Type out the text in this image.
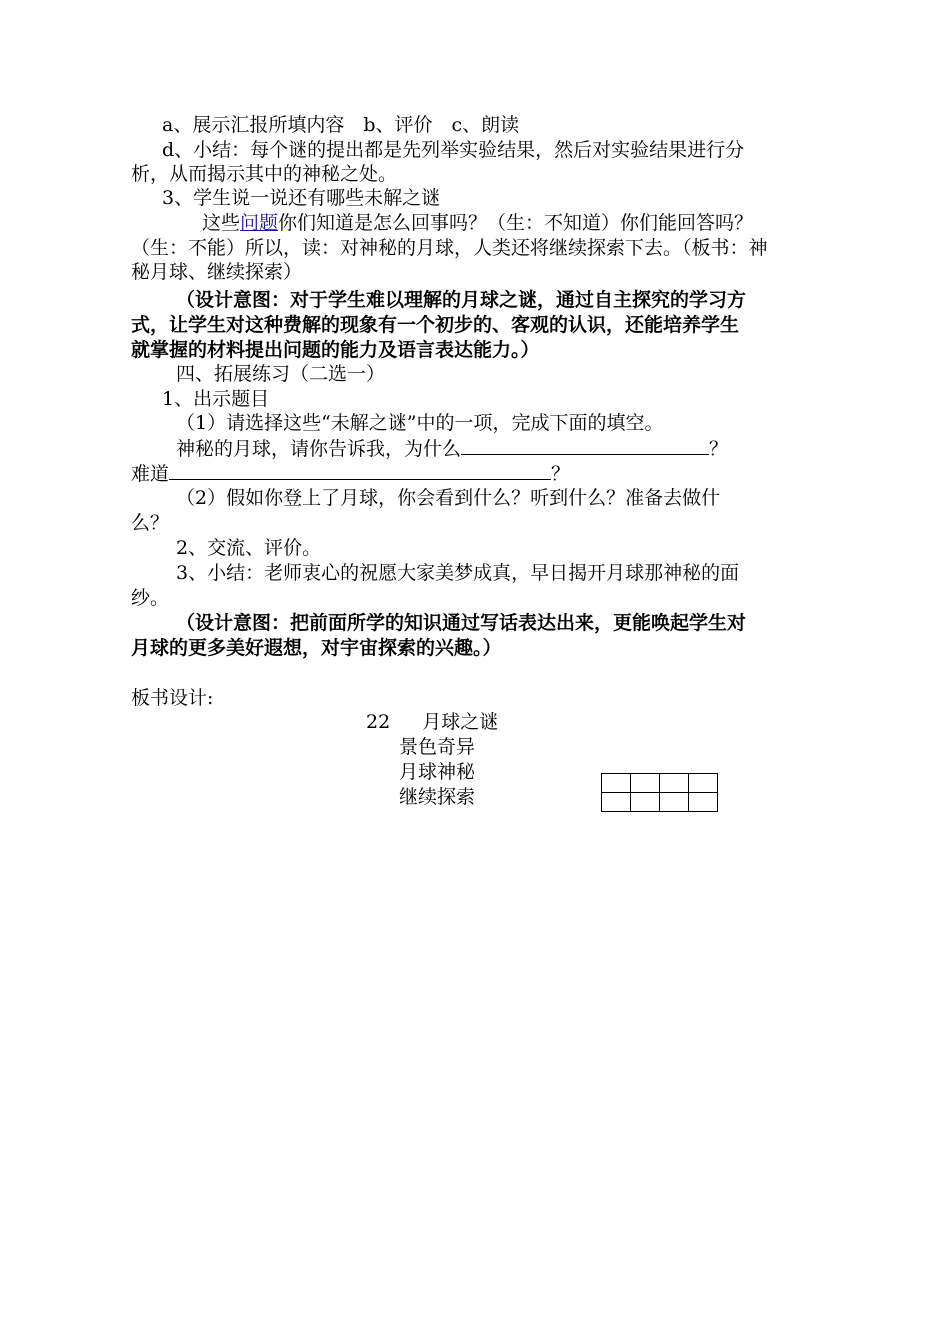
a、展示汇报所填内容　b、评价　c、朗读
d、小结：每个谜的提出都是先列举实验结果，然后对实验结果进行分
析，从而揭示其中的神秘之处。
3、学生说一说还有哪些未解之谜
这些问题你们知道是怎么回事吗？（生：不知道）你们能回答吗？
（生：不能）所以，读：对神秘的月球，人类还将继续探索下去。（板书：神
秘月球、继续探索）
（设计意图：对于学生难以理解的月球之谜，通过自主探究的学习方
式，让学生对这种费解的现象有一个初步的、客观的认识，还能培养学生
就掌握的材料提出问题的能力及语言表达能力。）
四、拓展练习（二选一）
1、出示题目
（1）请选择这些“未解之谜”中的一项，完成下面的填空。
神秘的月球，请你告诉我，为什么	？
难道	？
（2）假如你登上了月球，你会看到什么？听到什么？准备去做什
么？
2、交流、评价。
3、小结：老师衷心的祝愿大家美梦成真，早日揭开月球那神秘的面
纱。
（设计意图：把前面所学的知识通过写话表达出来，更能唤起学生对
月球的更多美好遐想，对宇宙探索的兴趣。）
板书设计:
22 月球之谜
景色奇异
月球神秘
继续探索
